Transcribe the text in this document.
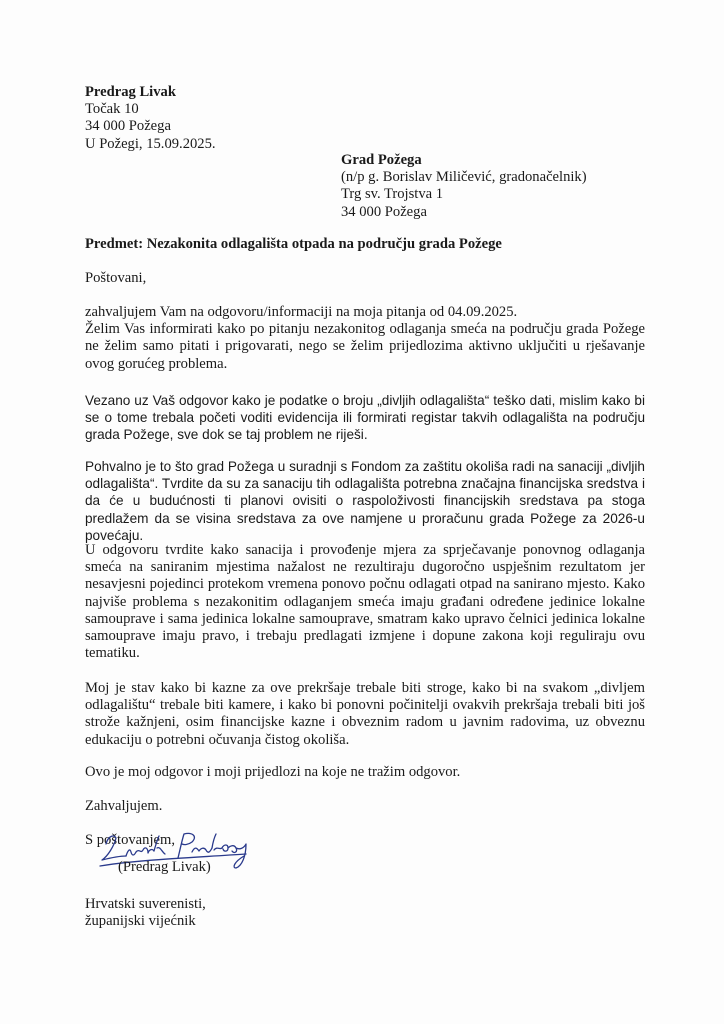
Predrag Livak
Točak 10
34 000 Požega
U Požegi, 15.09.2025.
Grad Požega
(n/p g. Borislav Miličević, gradonačelnik)
Trg sv. Trojstva 1
34 000 Požega
Predmet: Nezakonita odlagališta otpada na području grada Požege
Poštovani,

zahvaljujem Vam na odgovoru/informaciji na moja pitanja od 04.09.2025.

Želim Vas informirati kako po pitanju nezakonitog odlaganja smeća na području grada Požege ne želim samo pitati i prigovarati, nego se želim prijedlozima aktivno uključiti u rješavanje ovog gorućeg problema.

Vezano uz Vaš odgovor kako je podatke o broju „divljih odlagališta“ teško dati, mislim kako bi se o tome trebala početi voditi evidencija ili formirati registar takvih odlagališta na području grada Požege, sve dok se taj problem ne riješi.

Pohvalno je to što grad Požega u suradnji s Fondom za zaštitu okoliša radi na sanaciji „divljih odlagališta“. Tvrdite da su za sanaciju tih odlagališta potrebna značajna financijska sredstva i da će u budućnosti ti planovi ovisiti o raspoloživosti financijskih sredstava pa stoga predlažem da se visina sredstava za ove namjene u proračunu grada Požege za 2026-u povećaju.

U odgovoru tvrdite kako sanacija i provođenje mjera za sprječavanje ponovnog odlaganja smeća na saniranim mjestima nažalost ne rezultiraju dugoročno uspješnim rezultatom jer nesavjesni pojedinci protekom vremena ponovo počnu odlagati otpad na sanirano mjesto. Kako najviše problema s nezakonitim odlaganjem smeća imaju građani određene jedinice lokalne samouprave i sama jedinica lokalne samouprave, smatram kako upravo čelnici jedinica lokalne samouprave imaju pravo, i trebaju predlagati izmjene i dopune zakona koji reguliraju ovu tematiku.

Moj je stav kako bi kazne za ove prekršaje trebale biti stroge, kako bi na svakom „divljem odlagalištu“ trebale biti kamere, i kako bi ponovni počinitelji ovakvih prekršaja trebali biti još strože kažnjeni, osim financijske kazne i obveznim radom u javnim radovima, uz obveznu edukaciju o potrebni očuvanja čistog okoliša.

Ovo je moj odgovor i moji prijedlozi na koje ne tražim odgovor.

Zahvaljujem.
S poštovanjem,
(Predrag Livak)
Hrvatski suverenisti,
županijski vijećnik
